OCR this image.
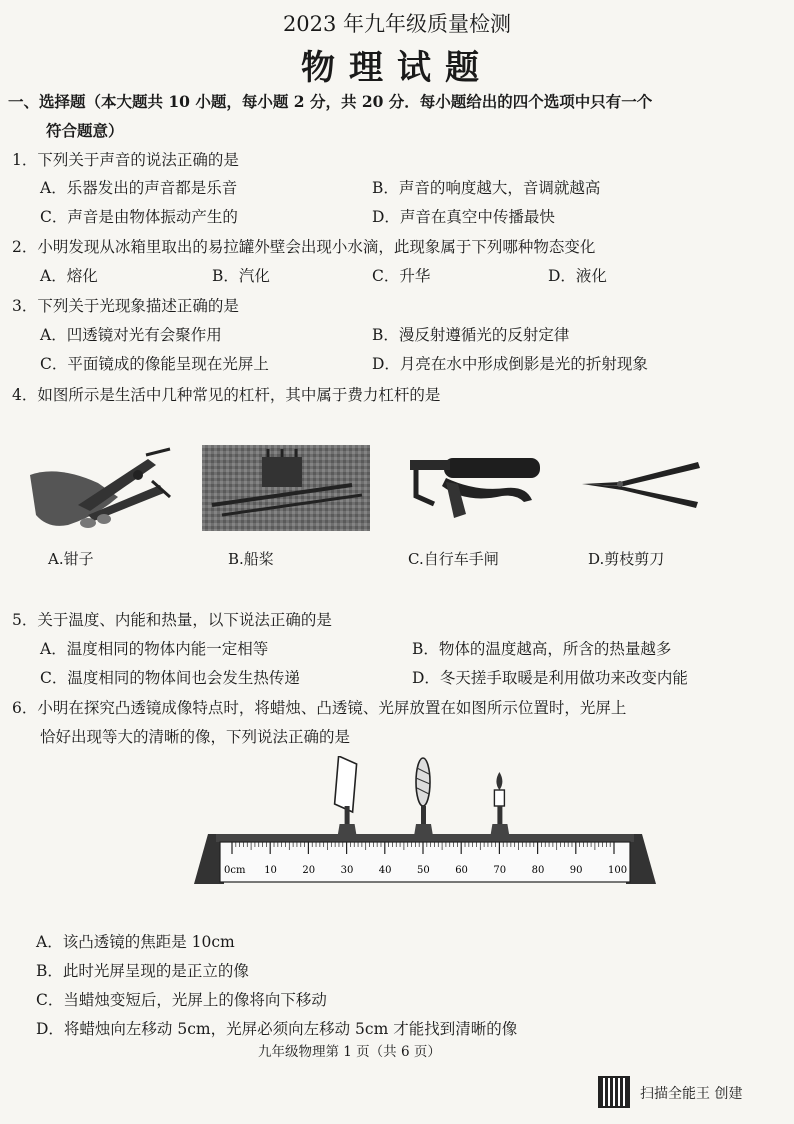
2023 年九年级质量检测
物理试题
一、选择题（本大题共 10 小题，每小题 2 分，共 20 分．每小题给出的四个选项中只有一个
符合题意）
1．下列关于声音的说法正确的是
A．乐器发出的声音都是乐音	B．声音的响度越大，音调就越高
C．声音是由物体振动产生的	D．声音在真空中传播最快
2．小明发现从冰箱里取出的易拉罐外壁会出现小水滴，此现象属于下列哪种物态变化
A．熔化	B．汽化	C．升华	D．液化
3．下列关于光现象描述正确的是
A．凹透镜对光有会聚作用	B．漫反射遵循光的反射定律
C．平面镜成的像能呈现在光屏上	D．月亮在水中形成倒影是光的折射现象
4．如图所示是生活中几种常见的杠杆，其中属于费力杠杆的是
A.钳子	B.船桨	C.自行车手闸	D.剪枝剪刀
5．关于温度、内能和热量，以下说法正确的是
A．温度相同的物体内能一定相等	B．物体的温度越高，所含的热量越多
C．温度相同的物体间也会发生热传递	D．冬天搓手取暖是利用做功来改变内能
6．小明在探究凸透镜成像特点时，将蜡烛、凸透镜、光屏放置在如图所示位置时，光屏上
恰好出现等大的清晰的像，下列说法正确的是
10	20	30	40	50	60	70	80	90	100
0cm
A．该凸透镜的焦距是 10cm
B．此时光屏呈现的是正立的像
C．当蜡烛变短后，光屏上的像将向下移动
D．将蜡烛向左移动 5cm，光屏必须向左移动 5cm 才能找到清晰的像
九年级物理第 1 页（共 6 页）
扫描全能王 创建
